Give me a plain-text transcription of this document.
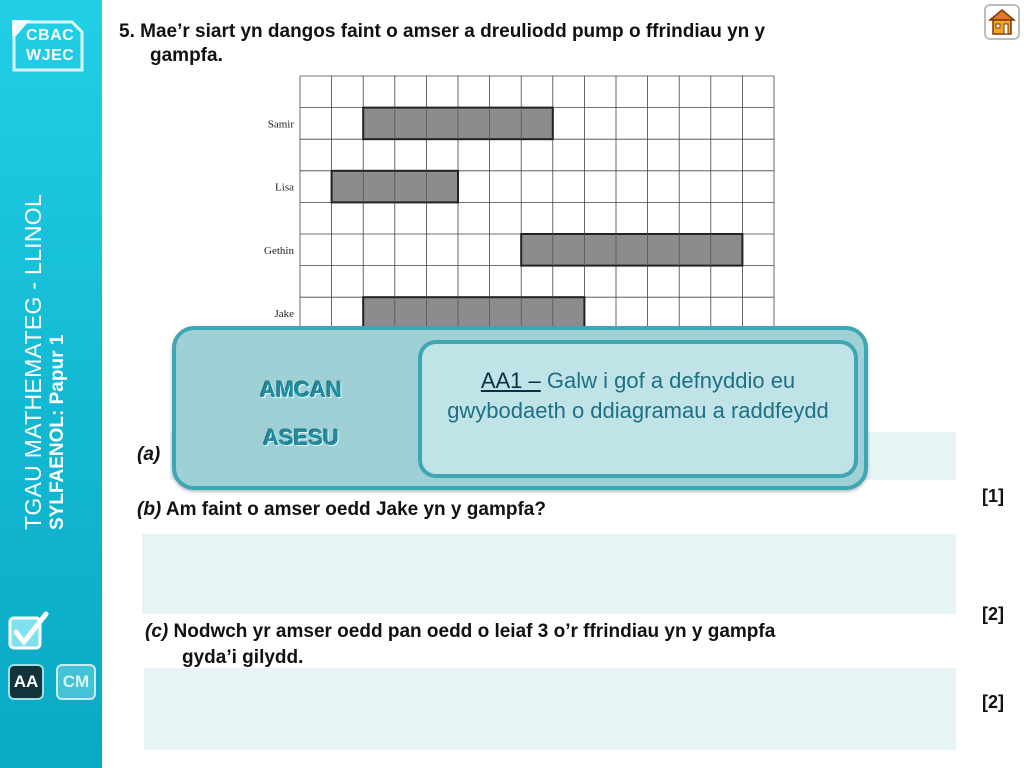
CBAC
WJEC
TGAU MATHEMATEG - LLINOL SYLFAENOL: Papur 1
AA	CM
5. Mae’r siart yn dangos faint o amser a dreuliodd pump o ffrindiau yn y
gampfa.
Samir
Lisa
Gethin
Jake
(a)
[1]
(b) Am faint o amser oedd Jake yn y gampfa?
[2]
(c) Nodwch yr amser oedd pan oedd o leiaf 3 o’r ffrindiau yn y gampfa
gyda’i gilydd.
[2]
AMCAN
ASESU
AA1 – Galw i gof a defnyddio eu gwybodaeth o ddiagramau a raddfeydd
